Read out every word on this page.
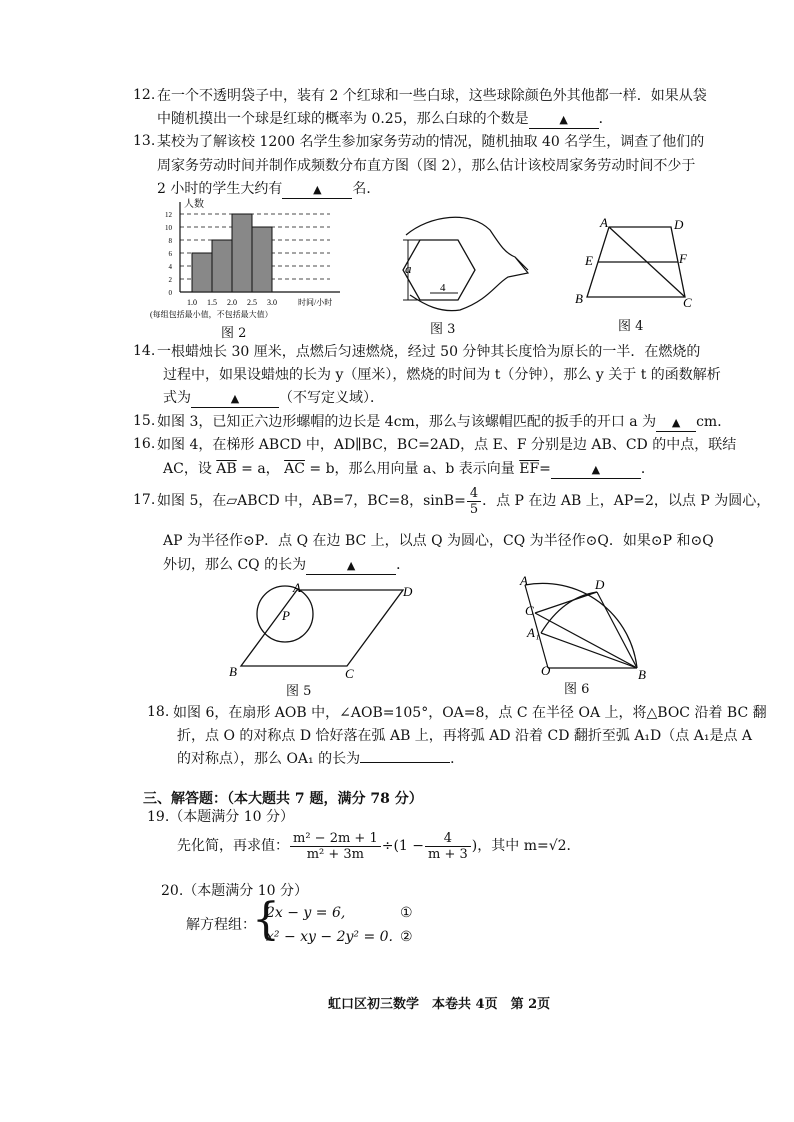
12. 在一个不透明袋子中，装有 2 个红球和一些白球，这些球除颜色外其他都一样．如果从袋
中随机摸出一个球是红球的概率为 0.25，那么白球的个数是	▲ ．
13. 某校为了解该校 1200 名学生参加家务劳动的情况，随机抽取 40 名学生，调查了他们的
周家务劳动时间并制作成频数分布直方图（图 2），那么估计该校周家务劳动时间不少于
2 小时的学生大约有	▲ 名．
0
2
4
6
8
10
12
1.0 1.5 2.0 2.5 3.0
人数
时间/小时
(每组包括最小值，不包括最大值）
图 2
a
4
图 3
A	D
E	F
B	C
图 4
14. 一根蜡烛长 30 厘米，点燃后匀速燃烧，经过 50 分钟其长度恰为原长的一半．在燃烧的
过程中，如果设蜡烛的长为 y（厘米），燃烧的时间为 t（分钟），那么 y 关于 t 的函数解析
式为	▲	（不写定义域）．
15. 如图 3，已知正六边形螺帽的边长是 4cm，那么与该螺帽匹配的扳手的开口 a 为 ▲ cm．
16. 如图 4，在梯形 ABCD 中，AD∥BC，BC=2AD，点 E、F 分别是边 AB、CD 的中点，联结
AC，设 $\overline{AB} = a$， $\overline{AC} = b$，那么用向量 a、b 表示向量 $\overline{EF}=$	▲	．
17. 如图 5，在▱ABCD 中，AB=7，BC=8，$\sin B= \frac{4}{5}$ ．点 P 在边 AB 上，AP=2，以点 P 为圆心，
AP 为半径作⊙P．点 Q 在边 BC 上，以点 Q 为圆心，CQ 为半径作⊙Q．如果⊙P 和⊙Q
外切，那么 CQ 的长为	▲	．
A	D
P
B	C
图 5
A	D
C
A₁
O	B
图 6
18. 如图 6，在扇形 AOB 中，∠AOB=105°，OA=8，点 C 在半径 OA 上，将△BOC 沿着 BC 翻
折，点 O 的对称点 D 恰好落在弧 AB 上，再将弧 AD 沿着 CD 翻折至弧 A₁D（点 A₁是点 A
的对称点），那么 OA₁ 的长为	．
三、解答题：（本大题共 7 题，满分 78 分）
19.（本题满分 10 分）
先化简，再求值： $\frac{\text{m² − 2m + 1}}{\text{m² + 3m}} \div(1 - \frac{4}{m + 3}$ )，其中 m=√2．
20.（本题满分 10 分）
解方程组：
{
2x − y = 6,
x² − xy − 2y² = 0.
①
②
虹口区初三数学　本卷共 4页　第 2页
